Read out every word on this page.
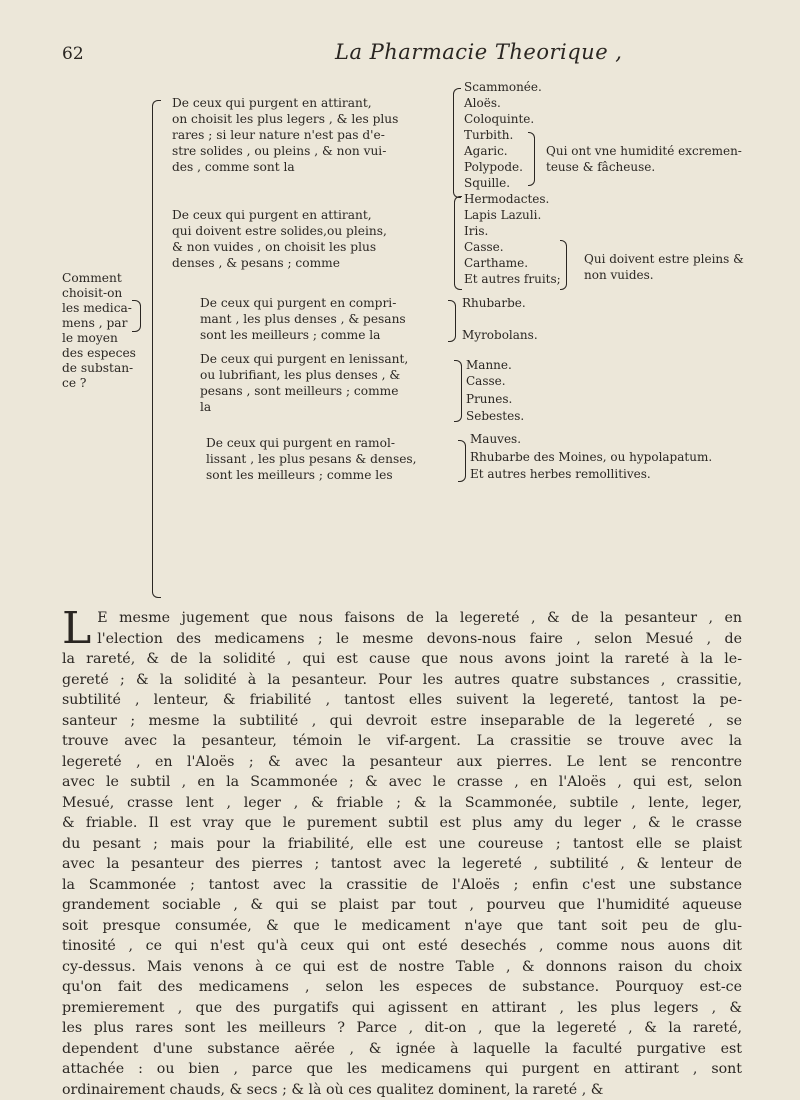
62	La Pharmacie Theorique ,
Comment
choisit-on
les medica-
mens , par
le moyen
des especes
de substan-
ce ?
De ceux qui purgent en attirant,
on choisit les plus legers , & les plus
rares ; si leur nature n'est pas d'e-
stre solides , ou pleins , & non vui-
des , comme sont la
Scammonée.
Aloës.
Coloquinte.
Turbith.
Agaric.
Polypode.
Squille.
Qui ont vne humidité excremen-
teuse & fâcheuse.
De ceux qui purgent en attirant,
qui doivent estre solides,ou pleins,
& non vuides , on choisit les plus
denses , & pesans ; comme
Hermodactes.
Lapis Lazuli.
Iris.
Casse.
Carthame.
Et autres fruits;
Qui doivent estre pleins &
non vuides.
De ceux qui purgent en compri-
mant , les plus denses , & pesans
sont les meilleurs ; comme la
Rhubarbe.
Myrobolans.
De ceux qui purgent en lenissant,
ou lubrifiant, les plus denses , &
pesans , sont meilleurs ; comme
la
Manne.
Casse.
Prunes.
Sebestes.
De ceux qui purgent en ramol-
lissant , les plus pesans & denses,
sont les meilleurs ; comme les
Mauves.
Rhubarbe des Moines, ou hypolapatum.
Et autres herbes remollitives.
L E mesme jugement que nous faisons de la legereté , & de la pesanteur , en
l'election des medicamens ; le mesme devons-nous faire , selon Mesué , de
la rareté, & de la solidité , qui est cause que nous avons joint la rareté à la le-
gereté ; & la solidité à la pesanteur. Pour les autres quatre substances , crassitie,
subtilité , lenteur, & friabilité , tantost elles suivent la legereté, tantost la pe-
santeur ; mesme la subtilité , qui devroit estre inseparable de la legereté , se
trouve avec la pesanteur, témoin le vif-argent. La crassitie se trouve avec la
legereté , en l'Aloës ; & avec la pesanteur aux pierres. Le lent se rencontre
avec le subtil , en la Scammonée ; & avec le crasse , en l'Aloës , qui est, selon
Mesué, crasse lent , leger , & friable ; & la Scammonée, subtile , lente, leger,
& friable. Il est vray que le purement subtil est plus amy du leger , & le crasse
du pesant ; mais pour la friabilité, elle est une coureuse ; tantost elle se plaist
avec la pesanteur des pierres ; tantost avec la legereté , subtilité , & lenteur de
la Scammonée ; tantost avec la crassitie de l'Aloës ; enfin c'est une substance
grandement sociable , & qui se plaist par tout , pourveu que l'humidité aqueuse
soit presque consumée, & que le medicament n'aye que tant soit peu de glu-
tinosité , ce qui n'est qu'à ceux qui ont esté desechés , comme nous auons dit
cy-dessus. Mais venons à ce qui est de nostre Table , & donnons raison du choix
qu'on fait des medicamens , selon les especes de substance. Pourquoy est-ce
premierement , que des purgatifs qui agissent en attirant , les plus legers , &
les plus rares sont les meilleurs ? Parce , dit-on , que la legereté , & la rareté,
dependent d'une substance aërée , & ignée à laquelle la faculté purgative est
attachée : ou bien , parce que les medicamens qui purgent en attirant , sont
ordinairement chauds, & secs ; & là où ces qualitez dominent, la rareté , &
